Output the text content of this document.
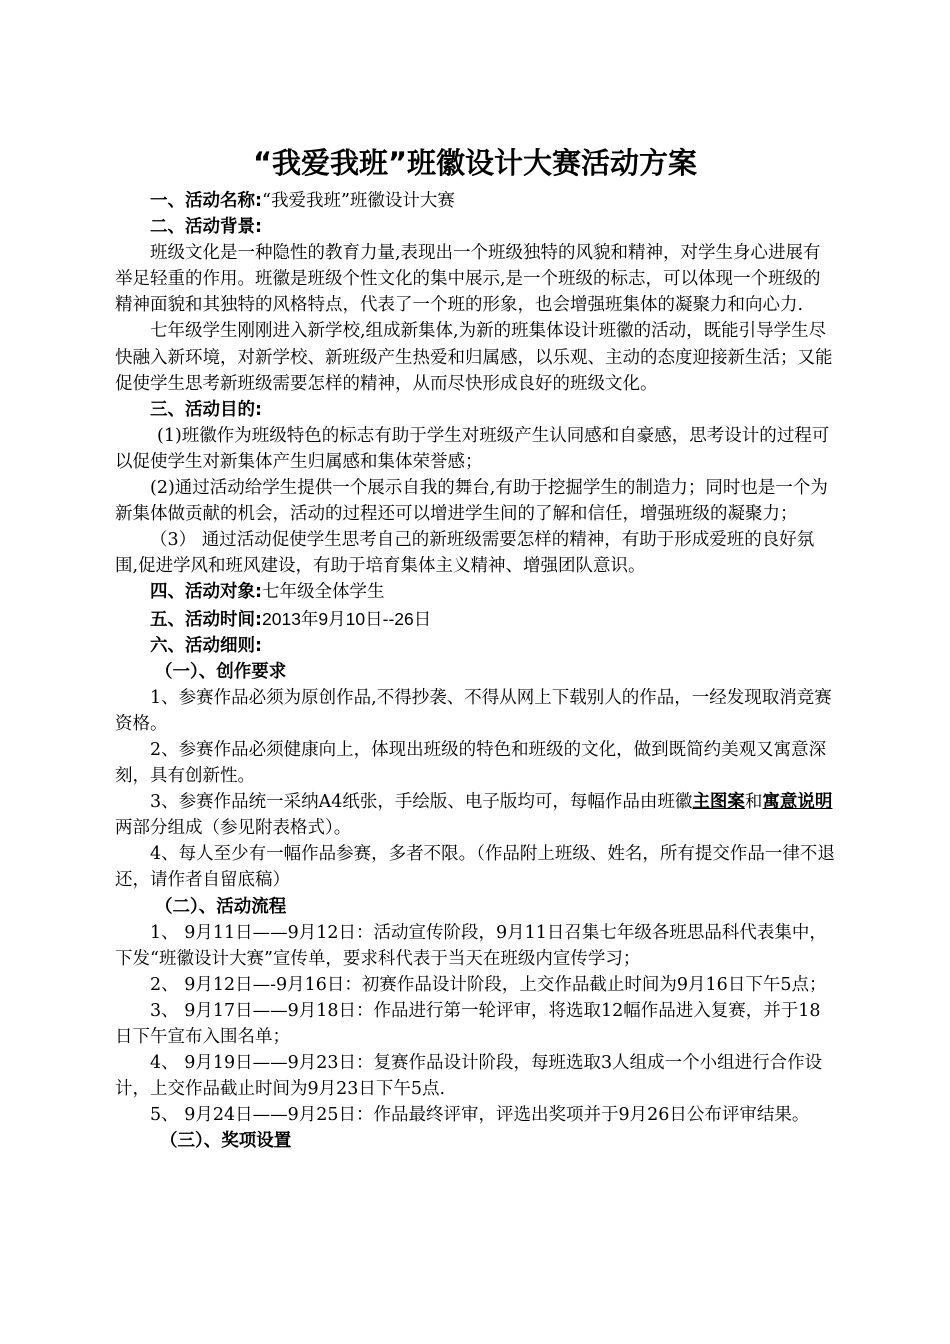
“我爱我班”班徽设计大赛活动方案

一、活动名称:“我爱我班”班徽设计大赛

二、活动背景:

班级文化是一种隐性的教育力量,表现出一个班级独特的风貌和精神，对学生身心进展有举足轻重的作用。班徽是班级个性文化的集中展示,是一个班级的标志，可以体现一个班级的精神面貌和其独特的风格特点，代表了一个班的形象，也会增强班集体的凝聚力和向心力.

七年级学生刚刚进入新学校,组成新集体,为新的班集体设计班徽的活动，既能引导学生尽快融入新环境，对新学校、新班级产生热爱和归属感，以乐观、主动的态度迎接新生活；又能促使学生思考新班级需要怎样的精神，从而尽快形成良好的班级文化。

三、活动目的:

(1)班徽作为班级特色的标志有助于学生对班级产生认同感和自豪感，思考设计的过程可以促使学生对新集体产生归属感和集体荣誉感；

(2)通过活动给学生提供一个展示自我的舞台,有助于挖掘学生的制造力；同时也是一个为新集体做贡献的机会，活动的过程还可以增进学生间的了解和信任，增强班级的凝聚力；

（3） 通过活动促使学生思考自己的新班级需要怎样的精神，有助于形成爱班的良好氛围,促进学风和班风建设，有助于培育集体主义精神、增强团队意识。

四、活动对象:七年级全体学生

五、活动时间:2013年9月10日--26日

六、活动细则:

（一）、创作要求

1、参赛作品必须为原创作品,不得抄袭、不得从网上下载别人的作品，一经发现取消竞赛资格。

2、参赛作品必须健康向上，体现出班级的特色和班级的文化，做到既简约美观又寓意深刻，具有创新性。

3、参赛作品统一采纳A4纸张，手绘版、电子版均可，每幅作品由班徽主图案和寓意说明两部分组成（参见附表格式）。

4、每人至少有一幅作品参赛，多者不限。（作品附上班级、姓名，所有提交作品一律不退还，请作者自留底稿）

（二）、活动流程

1、 9月11日——9月12日：活动宣传阶段，9月11日召集七年级各班思品科代表集中，下发“班徽设计大赛”宣传单，要求科代表于当天在班级内宣传学习；

2、 9月12日—-9月16日：初赛作品设计阶段，上交作品截止时间为9月16日下午5点；

3、 9月17日——9月18日：作品进行第一轮评审，将选取12幅作品进入复赛，并于18日下午宣布入围名单；

4、 9月19日——9月23日：复赛作品设计阶段，每班选取3人组成一个小组进行合作设计，上交作品截止时间为9月23日下午5点.

5、 9月24日——9月25日：作品最终评审，评选出奖项并于9月26日公布评审结果。

（三）、奖项设置
